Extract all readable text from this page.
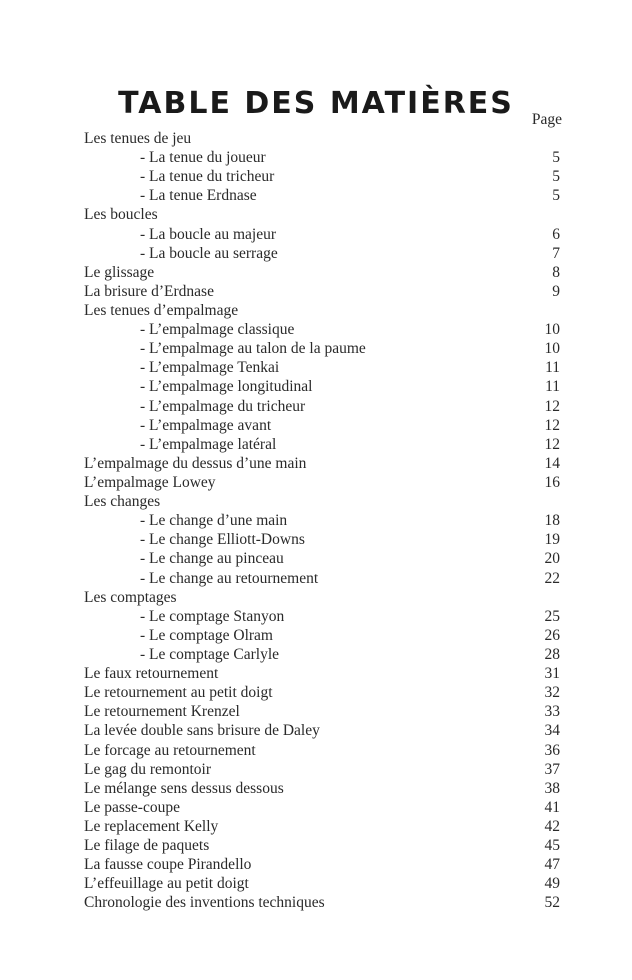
TABLE DES MATIÈRES	Page
Les tenues de jeu
- La tenue du joueur	5
- La tenue du tricheur	5
- La tenue Erdnase	5
Les boucles
- La boucle au majeur	6
- La boucle au serrage	7
Le glissage	8
La brisure d’Erdnase	9
Les tenues d’empalmage
- L’empalmage classique	10
- L’empalmage au talon de la paume	10
- L’empalmage Tenkai	11
- L’empalmage longitudinal	11
- L’empalmage du tricheur	12
- L’empalmage avant	12
- L’empalmage latéral	12
L’empalmage du dessus d’une main	14
L’empalmage Lowey	16
Les changes
- Le change d’une main	18
- Le change Elliott-Downs	19
- Le change au pinceau	20
- Le change au retournement	22
Les comptages
- Le comptage Stanyon	25
- Le comptage Olram	26
- Le comptage Carlyle	28
Le faux retournement	31
Le retournement au petit doigt	32
Le retournement Krenzel	33
La levée double sans brisure de Daley	34
Le forcage au retournement	36
Le gag du remontoir	37
Le mélange sens dessus dessous	38
Le passe-coupe	41
Le replacement Kelly	42
Le filage de paquets	45
La fausse coupe Pirandello	47
L’effeuillage au petit doigt	49
Chronologie des inventions techniques	52
